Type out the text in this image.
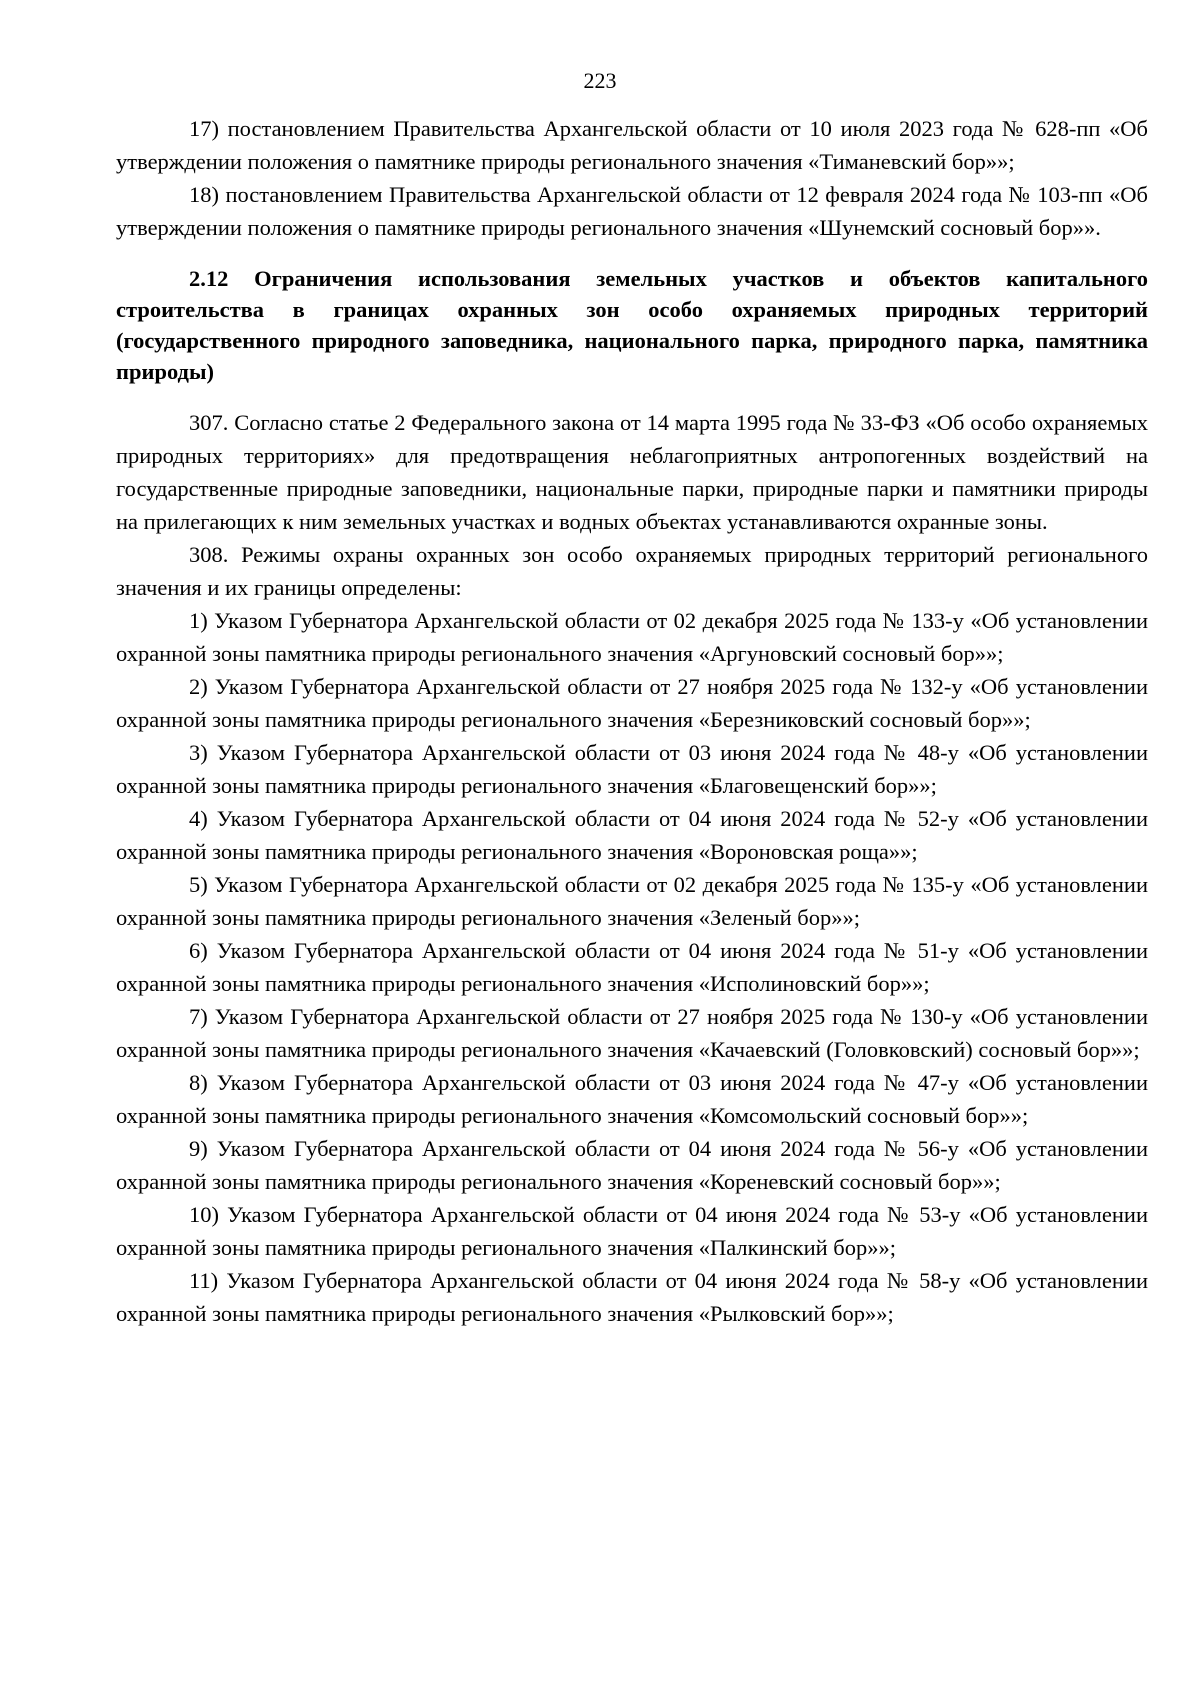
223

17) постановлением Правительства Архангельской области от 10 июля 2023 года № 628-пп «Об утверждении положения о памятнике природы регионального значения «Тиманевский бор»»;

18) постановлением Правительства Архангельской области от 12 февраля 2024 года № 103-пп «Об утверждении положения о памятнике природы регионального значения «Шунемский сосновый бор»».

2.12 Ограничения использования земельных участков и объектов капитального строительства в границах охранных зон особо охраняемых природных территорий (государственного природного заповедника, национального парка, природного парка, памятника природы)

307. Согласно статье 2 Федерального закона от 14 марта 1995 года № 33-ФЗ «Об особо охраняемых природных территориях» для предотвращения неблагоприятных антропогенных воздействий на государственные природные заповедники, национальные парки, природные парки и памятники природы на прилегающих к ним земельных участках и водных объектах устанавливаются охранные зоны.

308. Режимы охраны охранных зон особо охраняемых природных территорий регионального значения и их границы определены:

1) Указом Губернатора Архангельской области от 02 декабря 2025 года № 133-у «Об установлении охранной зоны памятника природы регионального значения «Аргуновский сосновый бор»»;

2) Указом Губернатора Архангельской области от 27 ноября 2025 года № 132-у «Об установлении охранной зоны памятника природы регионального значения «Березниковский сосновый бор»»;

3) Указом Губернатора Архангельской области от 03 июня 2024 года № 48-у «Об установлении охранной зоны памятника природы регионального значения «Благовещенский бор»»;

4) Указом Губернатора Архангельской области от 04 июня 2024 года № 52-у «Об установлении охранной зоны памятника природы регионального значения «Вороновская роща»»;

5) Указом Губернатора Архангельской области от 02 декабря 2025 года № 135-у «Об установлении охранной зоны памятника природы регионального значения «Зеленый бор»»;

6) Указом Губернатора Архангельской области от 04 июня 2024 года № 51-у «Об установлении охранной зоны памятника природы регионального значения «Исполиновский бор»»;

7) Указом Губернатора Архангельской области от 27 ноября 2025 года № 130-у «Об установлении охранной зоны памятника природы регионального значения «Качаевский (Головковский) сосновый бор»»;

8) Указом Губернатора Архангельской области от 03 июня 2024 года № 47-у «Об установлении охранной зоны памятника природы регионального значения «Комсомольский сосновый бор»»;

9) Указом Губернатора Архангельской области от 04 июня 2024 года № 56-у «Об установлении охранной зоны памятника природы регионального значения «Кореневский сосновый бор»»;

10) Указом Губернатора Архангельской области от 04 июня 2024 года № 53-у «Об установлении охранной зоны памятника природы регионального значения «Палкинский бор»»;

11) Указом Губернатора Архангельской области от 04 июня 2024 года № 58-у «Об установлении охранной зоны памятника природы регионального значения «Рылковский бор»»;
